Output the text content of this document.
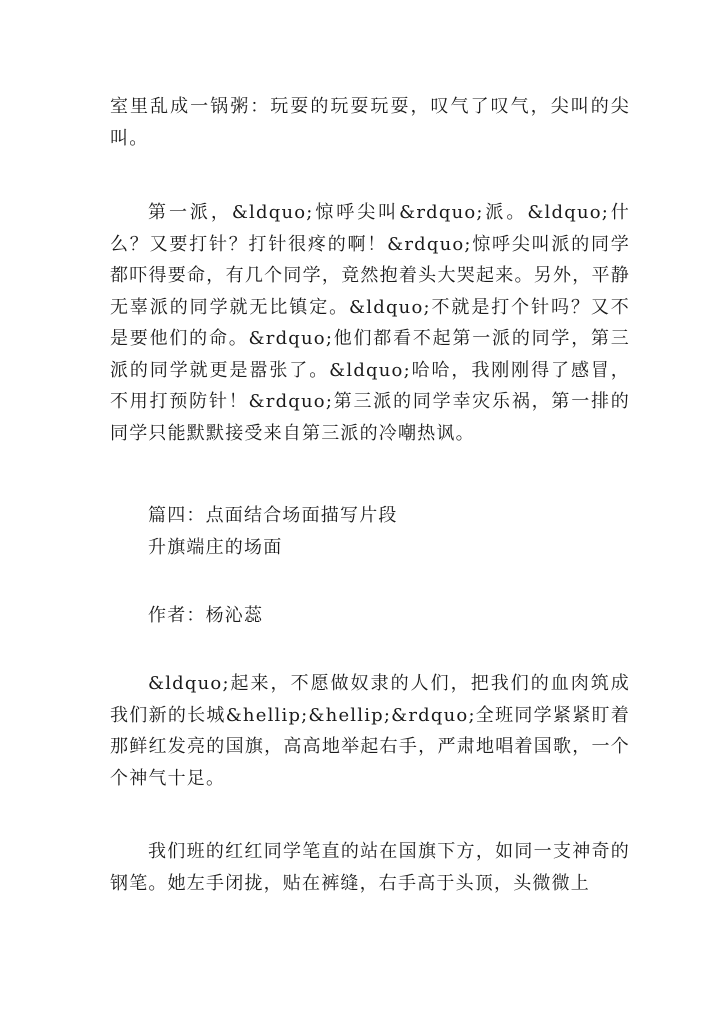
室里乱成一锅粥：玩耍的玩耍玩耍，叹气了叹气，尖叫的尖叫。

第一派，&ldquo;惊呼尖叫&rdquo;派。&ldquo;什么？又要打针？打针很疼的啊！&rdquo;惊呼尖叫派的同学都吓得要命，有几个同学，竟然抱着头大哭起来。另外，平静无辜派的同学就无比镇定。&ldquo;不就是打个针吗？又不是要他们的命。&rdquo;他们都看不起第一派的同学，第三派的同学就更是嚣张了。&ldquo;哈哈，我刚刚得了感冒，不用打预防针！&rdquo;第三派的同学幸灾乐祸，第一排的同学只能默默接受来自第三派的冷嘲热讽。

篇四：点面结合场面描写片段

升旗端庄的场面

作者：杨沁蕊

&ldquo;起来，不愿做奴隶的人们，把我们的血肉筑成我们新的长城&hellip;&hellip;&rdquo;全班同学紧紧盯着那鲜红发亮的国旗，高高地举起右手，严肃地唱着国歌，一个个神气十足。

我们班的红红同学笔直的站在国旗下方，如同一支神奇的钢笔。她左手闭拢，贴在裤缝，右手高于头顶，头微微上
